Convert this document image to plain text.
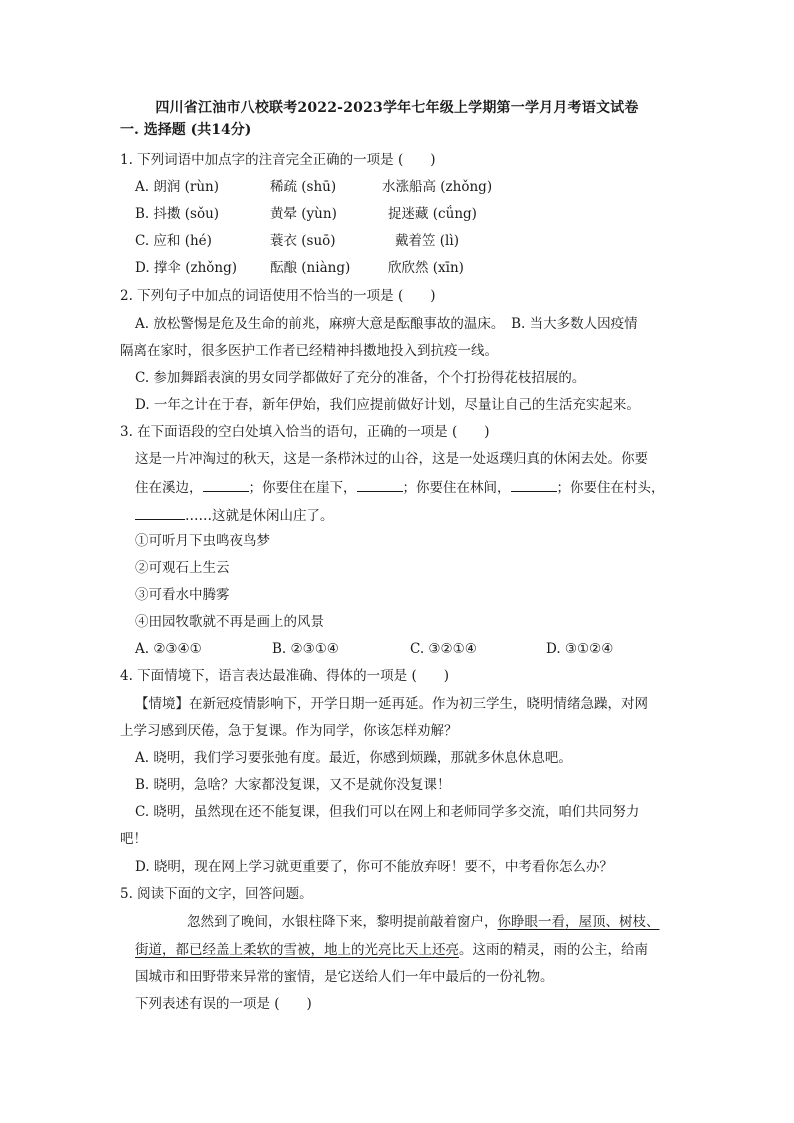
四川省江油市八校联考2022-2023学年七年级上学期第一学月月考语文试卷
一. 选择题 (共14分)
1. 下列词语中加点字的注音完全正确的一项是 (　　)
A. 朗润 (rùn)	稀疏 (shū)	水涨船高 (zhǒng)
B. 抖擞 (sǒu)	黄晕 (yùn)	捉迷藏 (cǘng)
C. 应和 (hé)	蓑衣 (suō)	戴着笠 (lì)
D. 撑伞 (zhǒng) 酝酿 (niàng)	欣欣然 (xīn)
2. 下列句子中加点的词语使用不恰当的一项是 (　　)
A. 放松警惕是危及生命的前兆，麻痹大意是酝酿事故的温床。　B. 当大多数人因疫情
隔离在家时，很多医护工作者已经精神抖擞地投入到抗疫一线。
C. 参加舞蹈表演的男女同学都做好了充分的准备，个个打扮得花枝招展的。
D. 一年之计在于春，新年伊始，我们应提前做好计划，尽量让自己的生活充实起来。
3. 在下面语段的空白处填入恰当的语句，正确的一项是 (　　)
这是一片冲淘过的秋天，这是一条栉沐过的山谷，这是一处返璞归真的休闲去处。你要
住在溪边，	；你要住在崖下，	；你要住在林间，	；你要住在村头，
……这就是休闲山庄了。
①可听月下虫鸣夜鸟梦
②可观石上生云
③可看水中腾雾
④田园牧歌就不再是画上的风景
A. ②③④①	B. ②③①④	C. ③②①④	D. ③①②④
4. 下面情境下，语言表达最准确、得体的一项是 (　　)
【情境】在新冠疫情影响下，开学日期一延再延。作为初三学生，晓明情绪急躁，对网
上学习感到厌倦，急于复课。作为同学，你该怎样劝解？
A. 晓明，我们学习要张弛有度。最近，你感到烦躁，那就多休息休息吧。
B. 晓明，急啥？大家都没复课，又不是就你没复课！
C. 晓明，虽然现在还不能复课，但我们可以在网上和老师同学多交流，咱们共同努力
吧！
D. 晓明，现在网上学习就更重要了，你可不能放弃呀！要不，中考看你怎么办？
5. 阅读下面的文字，回答问题。
忽然到了晚间，水银柱降下来，黎明提前敲着窗户，你睁眼一看，屋顶、树枝、
街道，都已经盖上柔软的雪被，地上的光亮比天上还亮。这雨的精灵，雨的公主，给南
国城市和田野带来异常的蜜情，是它送给人们一年中最后的一份礼物。
下列表述有误的一项是 (　　)
